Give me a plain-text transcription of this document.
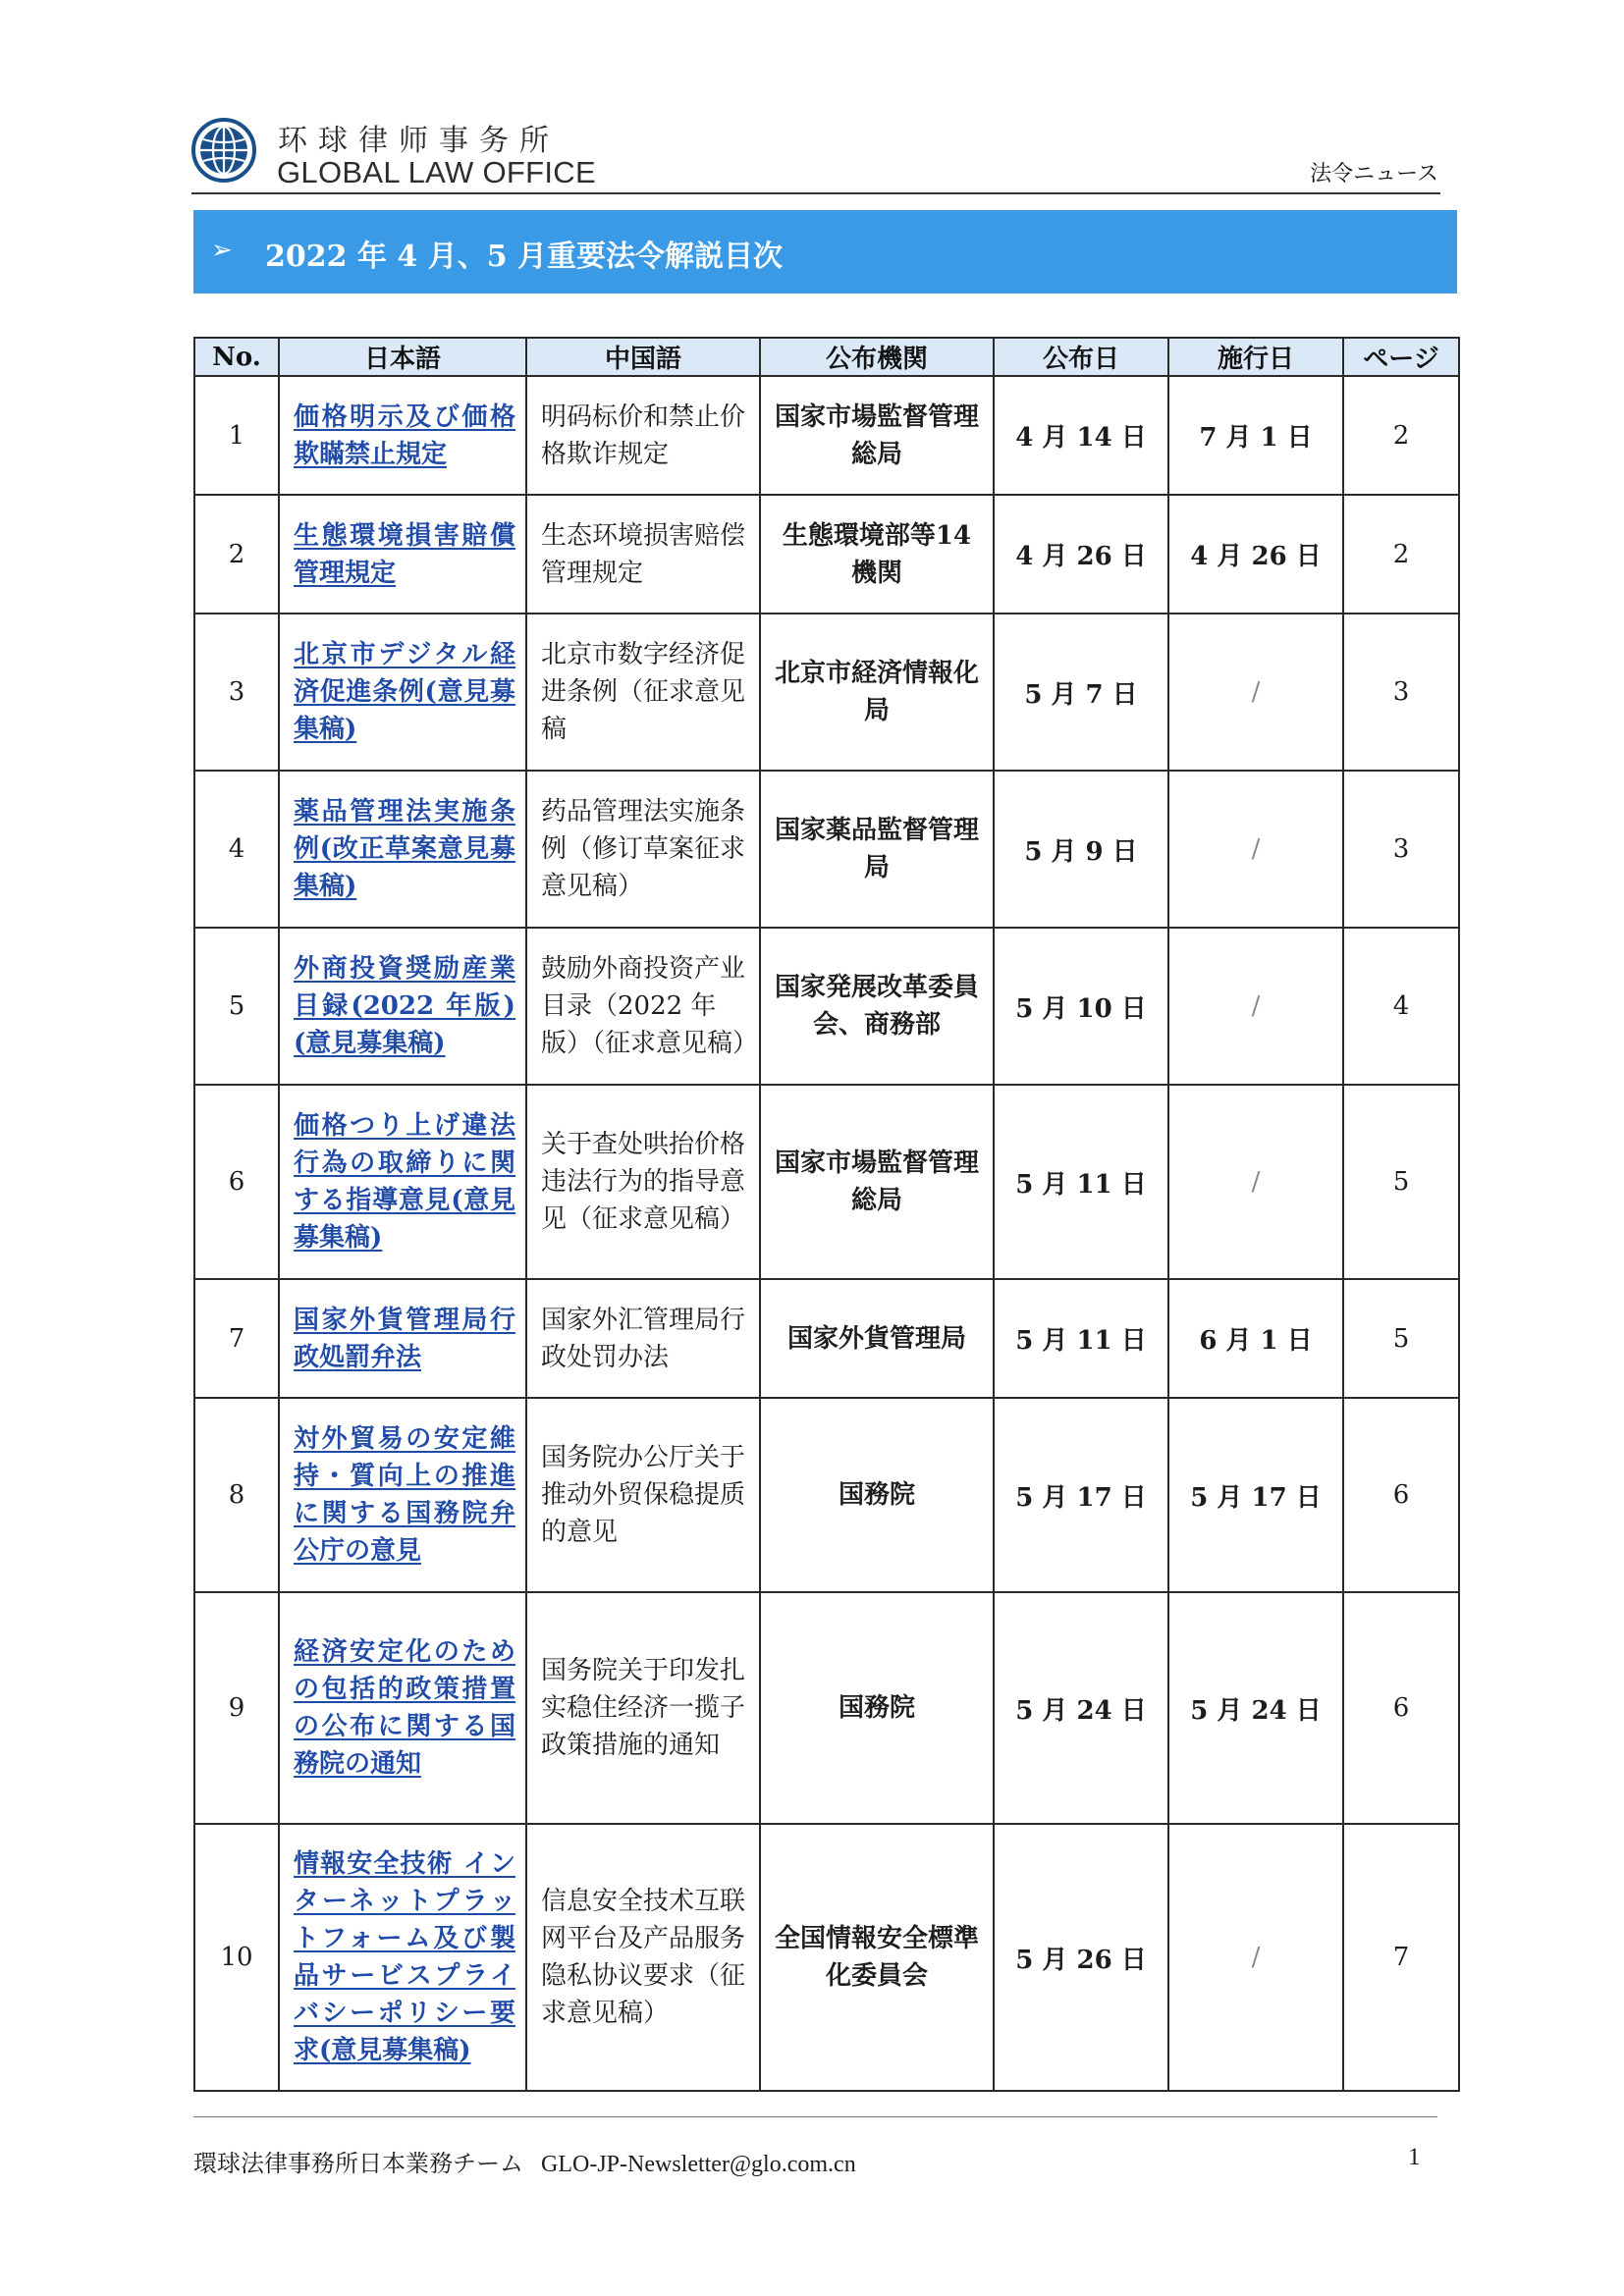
环球律师事务所
GLOBAL LAW OFFICE	法令ニュース
➢ 2022 年 4 月、5 月重要法令解説目次
No.	日本語	中国語	公布機関	公布日	施行日	ページ
1	価格明示及び価格欺瞞禁止規定	明码标价和禁止价格欺诈规定	国家市場監督管理総局	4 月 14 日	7 月 1 日	2
2	生態環境損害賠償管理規定	生态环境损害赔偿管理规定	生態環境部等14 機関	4 月 26 日	4 月 26 日	2
3	北京市デジタル経済促進条例(意見募集稿)	北京市数字经济促进条例（征求意见稿	北京市経済情報化局	5 月 7 日	/	3
4	薬品管理法実施条例(改正草案意見募集稿)	药品管理法实施条例（修订草案征求意见稿）	国家薬品監督管理局	5 月 9 日	/	3
5	外商投資奨励産業目録(2022 年版)(意見募集稿)	鼓励外商投资产业目录（2022 年版）（征求意见稿）	国家発展改革委員会、商務部	5 月 10 日	/	4
6	価格つり上げ違法行為の取締りに関する指導意見(意見募集稿)	关于查处哄抬价格违法行为的指导意见（征求意见稿）	国家市場監督管理総局	5 月 11 日	/	5
7	国家外貨管理局行政処罰弁法	国家外汇管理局行政处罚办法	国家外貨管理局	5 月 11 日	6 月 1 日	5
8	対外貿易の安定維持・質向上の推進に関する国務院弁公庁の意見	国务院办公厅关于推动外贸保稳提质的意见	国務院	5 月 17 日	5 月 17 日	6
9	経済安定化のための包括的政策措置の公布に関する国務院の通知	国务院关于印发扎实稳住经济一揽子政策措施的通知	国務院	5 月 24 日	5 月 24 日	6
10	情報安全技術 インターネットプラットフォーム及び製品サービスプライバシーポリシー要求(意見募集稿)	信息安全技术互联网平台及产品服务隐私协议要求（征求意见稿）	全国情報安全標準化委員会	5 月 26 日	/	7
環球法律事務所日本業務チーム GLO-JP-Newsletter@glo.com.cn	1
